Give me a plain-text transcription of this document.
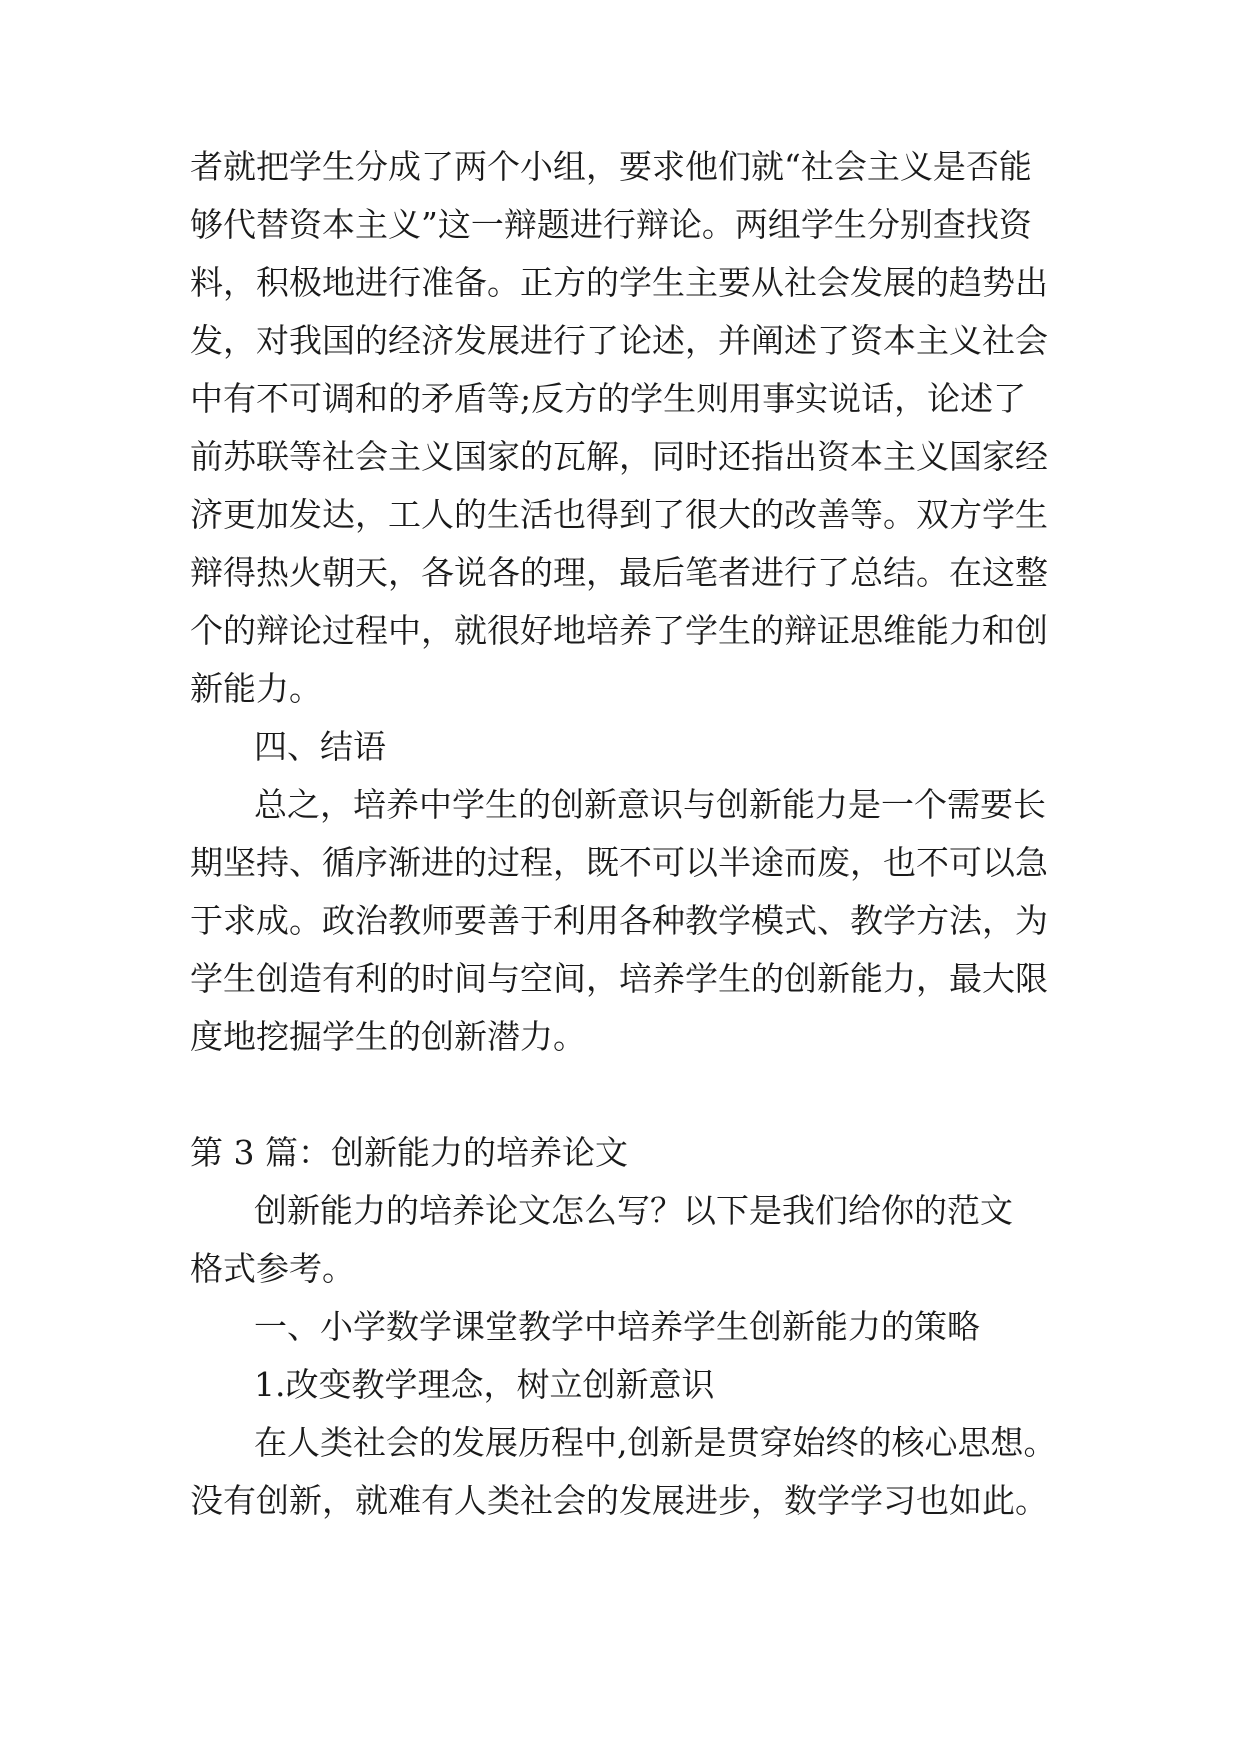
者就把学生分成了两个小组，要求他们就“社会主义是否能
够代替资本主义”这一辩题进行辩论。两组学生分别查找资
料，积极地进行准备。正方的学生主要从社会发展的趋势出
发，对我国的经济发展进行了论述，并阐述了资本主义社会
中有不可调和的矛盾等;反方的学生则用事实说话，论述了
前苏联等社会主义国家的瓦解，同时还指出资本主义国家经
济更加发达，工人的生活也得到了很大的改善等。双方学生
辩得热火朝天，各说各的理，最后笔者进行了总结。在这整
个的辩论过程中，就很好地培养了学生的辩证思维能力和创
新能力。
四、结语
总之，培养中学生的创新意识与创新能力是一个需要长
期坚持、循序渐进的过程，既不可以半途而废，也不可以急
于求成。政治教师要善于利用各种教学模式、教学方法，为
学生创造有利的时间与空间，培养学生的创新能力，最大限
度地挖掘学生的创新潜力。
第 3 篇：创新能力的培养论文
创新能力的培养论文怎么写？以下是我们给你的范文
格式参考。
一、小学数学课堂教学中培养学生创新能力的策略
1.改变教学理念，树立创新意识
在人类社会的发展历程中,创新是贯穿始终的核心思想。
没有创新，就难有人类社会的发展进步，数学学习也如此。
